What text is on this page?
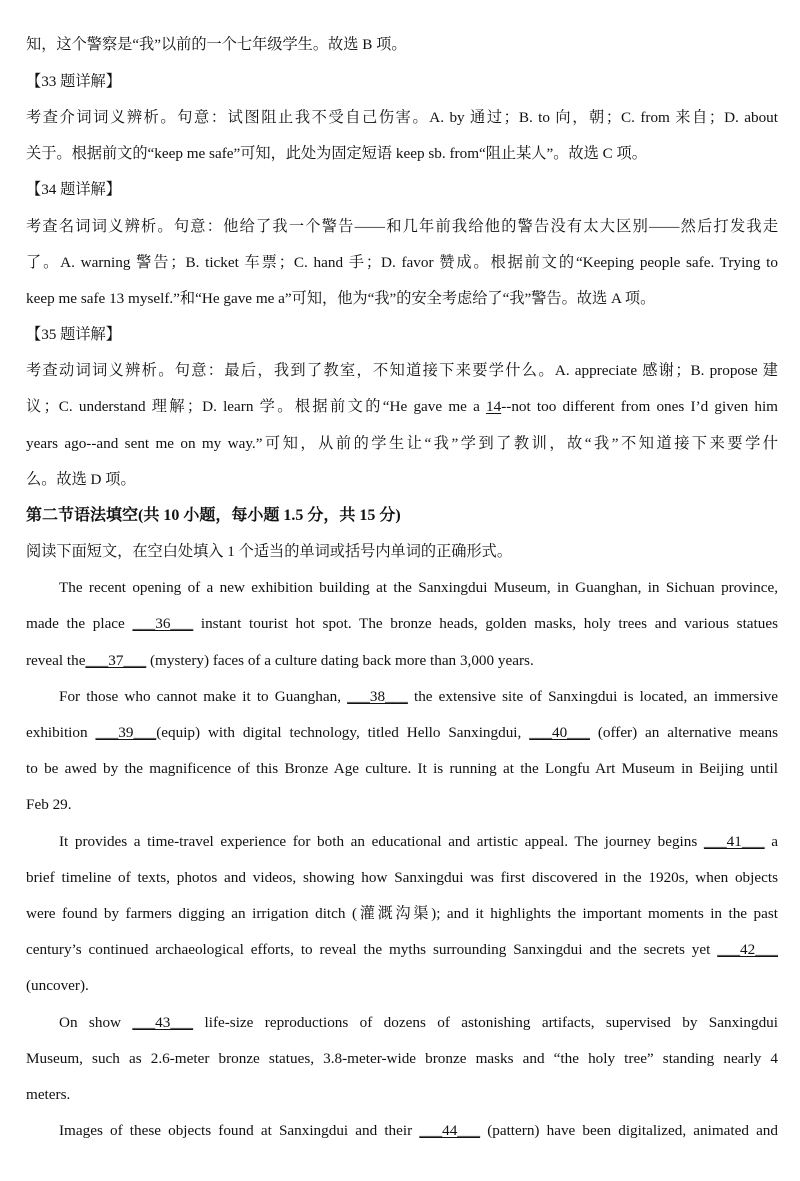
知，这个警察是“我”以前的一个七年级学生。故选 B 项。
【33 题详解】
考查介词词义辨析。句意：试图阻止我不受自己伤害。A. by 通过；B. to 向，朝；C. from 来自；D. about
关于。根据前文的“keep me safe”可知，此处为固定短语 keep sb. from“阻止某人”。故选 C 项。
【34 题详解】
考查名词词义辨析。句意：他给了我一个警告——和几年前我给他的警告没有太大区别——然后打发我走
了。A. warning 警告；B. ticket 车票；C. hand 手；D. favor 赞成。根据前文的“Keeping people safe. Trying to
keep me safe 13 myself.”和“He gave me a”可知，他为“我”的安全考虑给了“我”警告。故选 A 项。
【35 题详解】
考查动词词义辨析。句意：最后，我到了教室，不知道接下来要学什么。A. appreciate 感谢；B. propose 建
议；C. understand 理解；D. learn 学。根据前文的“He gave me a 14--not too different from ones I’d given him
years ago--and sent me on my way.”可知，从前的学生让“我”学到了教训，故“我”不知道接下来要学什
么。故选 D 项。
第二节语法填空(共 10 小题，每小题 1.5 分，共 15 分)
阅读下面短文，在空白处填入 1 个适当的单词或括号内单词的正确形式。
The recent opening of a new exhibition building at the Sanxingdui Museum, in Guanghan, in Sichuan province,
made the place ___36___ instant tourist hot spot. The bronze heads, golden masks, holy trees and various statues
reveal the___37___ (mystery) faces of a culture dating back more than 3,000 years.
For those who cannot make it to Guanghan, ___38___ the extensive site of Sanxingdui is located, an immersive
exhibition ___39___(equip) with digital technology, titled Hello Sanxingdui, ___40___ (offer) an alternative means
to be awed by the magnificence of this Bronze Age culture. It is running at the Longfu Art Museum in Beijing until
Feb 29.
It provides a time-travel experience for both an educational and artistic appeal. The journey begins ___41___ a
brief timeline of texts, photos and videos, showing how Sanxingdui was first discovered in the 1920s, when objects
were found by farmers digging an irrigation ditch (灌溉沟渠); and it highlights the important moments in the past
century’s continued archaeological efforts, to reveal the myths surrounding Sanxingdui and the secrets yet ___42___
(uncover).
On show ___43___ life-size reproductions of dozens of astonishing artifacts, supervised by Sanxingdui
Museum, such as 2.6-meter bronze statues, 3.8-meter-wide bronze masks and “the holy tree” standing nearly 4
meters.
Images of these objects found at Sanxingdui and their ___44___ (pattern) have been digitalized, animated and
